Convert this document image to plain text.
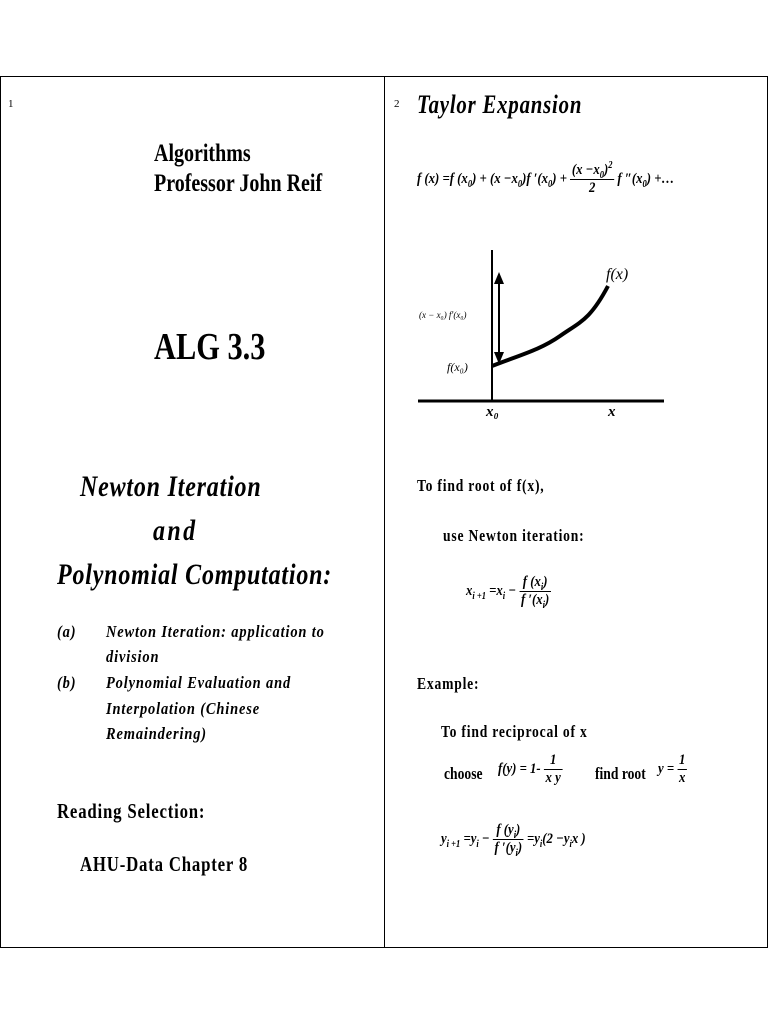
1
Algorithms
Professor John Reif
ALG 3.3
Newton Iteration
and
Polynomial Computation:
(a) Newton Iteration: application to
division
(b) Polynomial Evaluation and
Interpolation (Chinese
Remaindering)
Reading Selection:
AHU-Data Chapter 8
2 Taylor Expansion
f (x) =f $(x_0) + (x -x_0)f$ $'(x_0) + \frac{(x -x_0)^2}{2}$ f $''(x_0)$ +…
f(x)
(x − x₀) f′(x₀)
f(x₀)
x₀	x
To find root of f(x),
use Newton iteration:
$x_{i +1} =x_i - \frac{f (x_i)}{f '(x_i)}$
Example:
To find reciprocal of x
choose $f(y) = 1- \frac{1}{\text{x y}}$ find root $y = \frac{1}{x}$
$y_{i +1} =y_i - \frac{f (y_i)}{f '(y_i)} =y_i(2 -y_ix$ )
